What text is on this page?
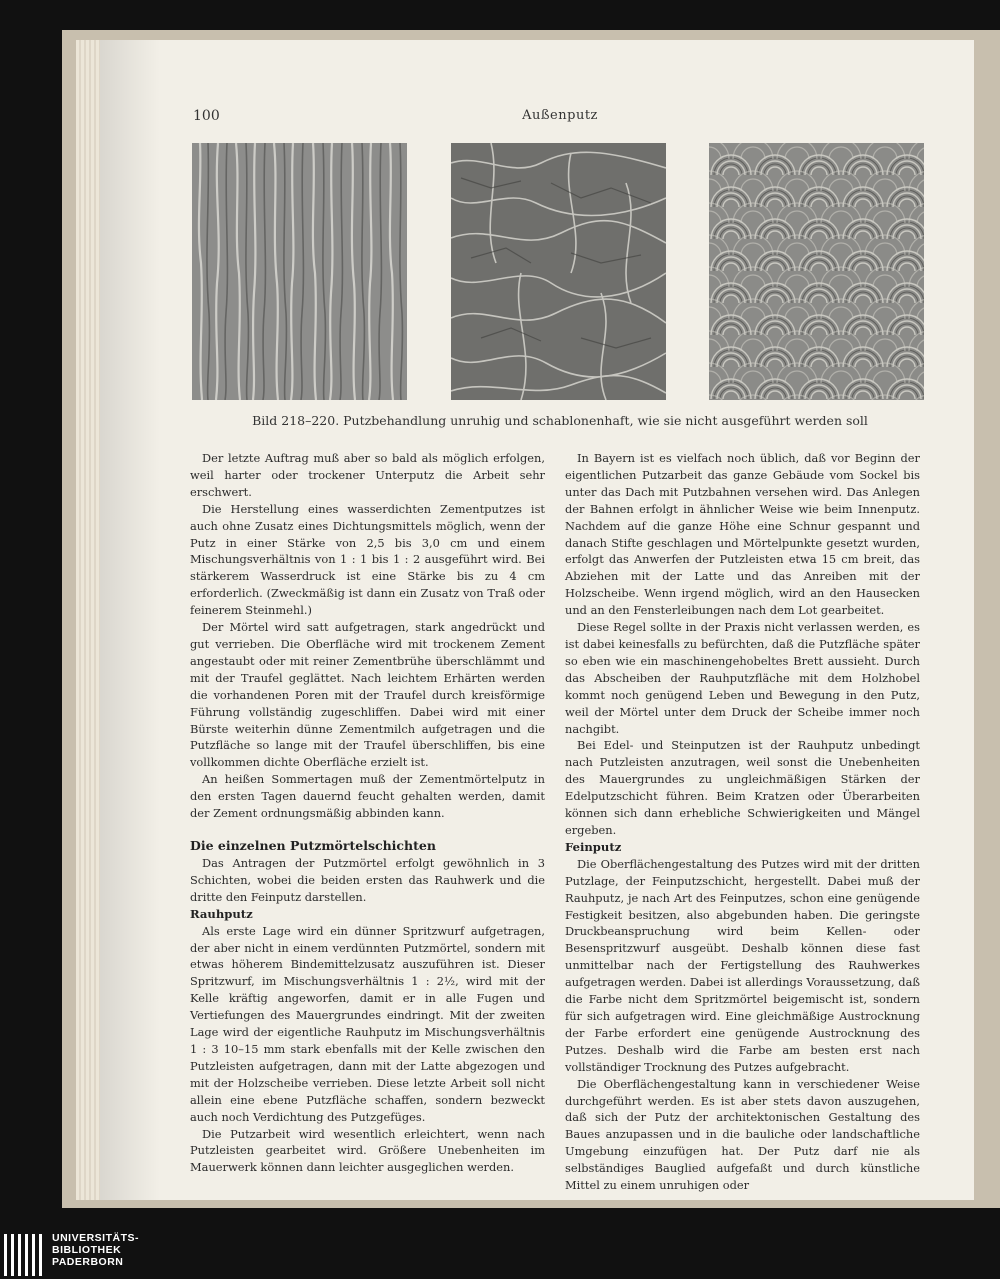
100	Außenputz
Bild 218–220. Putzbehandlung unruhig und schablonenhaft, wie sie nicht ausgeführt werden soll

Der letzte Auftrag muß aber so bald als möglich erfolgen, weil harter oder trockener Unterputz die Arbeit sehr erschwert.

Die Herstellung eines wasserdichten Zementputzes ist auch ohne Zusatz eines Dichtungsmittels möglich, wenn der Putz in einer Stärke von 2,5 bis 3,0 cm und einem Mischungsverhältnis von 1 : 1 bis 1 : 2 ausgeführt wird. Bei stärkerem Wasserdruck ist eine Stärke bis zu 4 cm erforderlich. (Zweckmäßig ist dann ein Zusatz von Traß oder feinerem Steinmehl.)

Der Mörtel wird satt aufgetragen, stark angedrückt und gut verrieben. Die Oberfläche wird mit trockenem Zement angestaubt oder mit reiner Zementbrühe überschlämmt und mit der Traufel geglättet. Nach leichtem Erhärten werden die vorhandenen Poren mit der Traufel durch kreisförmige Führung vollständig zugeschliffen. Dabei wird mit einer Bürste weiterhin dünne Zementmilch aufgetragen und die Putzfläche so lange mit der Traufel überschliffen, bis eine vollkommen dichte Oberfläche erzielt ist.

An heißen Sommertagen muß der Zementmörtelputz in den ersten Tagen dauernd feucht gehalten werden, damit der Zement ordnungsmäßig abbinden kann.

Die einzelnen Putzmörtelschichten

Das Antragen der Putzmörtel erfolgt gewöhnlich in 3 Schichten, wobei die beiden ersten das Rauhwerk und die dritte den Feinputz darstellen.

Rauhputz

Als erste Lage wird ein dünner Spritzwurf aufgetragen, der aber nicht in einem verdünnten Putzmörtel, sondern mit etwas höherem Bindemittelzusatz auszuführen ist. Dieser Spritzwurf, im Mischungsverhältnis 1 : 2½, wird mit der Kelle kräftig angeworfen, damit er in alle Fugen und Vertiefungen des Mauergrundes eindringt. Mit der zweiten Lage wird der eigentliche Rauhputz im Mischungsverhältnis 1 : 3 10–15 mm stark ebenfalls mit der Kelle zwischen den Putzleisten aufgetragen, dann mit der Latte abgezogen und mit der Holzscheibe verrieben. Diese letzte Arbeit soll nicht allein eine ebene Putzfläche schaffen, sondern bezweckt auch noch Verdichtung des Putzgefüges.

Die Putzarbeit wird wesentlich erleichtert, wenn nach Putzleisten gearbeitet wird. Größere Unebenheiten im Mauerwerk können dann leichter ausgeglichen werden.

In Bayern ist es vielfach noch üblich, daß vor Beginn der eigentlichen Putzarbeit das ganze Gebäude vom Sockel bis unter das Dach mit Putzbahnen versehen wird. Das Anlegen der Bahnen erfolgt in ähnlicher Weise wie beim Innenputz. Nachdem auf die ganze Höhe eine Schnur gespannt und danach Stifte geschlagen und Mörtelpunkte gesetzt wurden, erfolgt das Anwerfen der Putzleisten etwa 15 cm breit, das Abziehen mit der Latte und das Anreiben mit der Holzscheibe. Wenn irgend möglich, wird an den Hausecken und an den Fensterleibungen nach dem Lot gearbeitet.

Diese Regel sollte in der Praxis nicht verlassen werden, es ist dabei keinesfalls zu befürchten, daß die Putzfläche später so eben wie ein maschinengehobeltes Brett aussieht. Durch das Abscheiben der Rauhputzfläche mit dem Holzhobel kommt noch genügend Leben und Bewegung in den Putz, weil der Mörtel unter dem Druck der Scheibe immer noch nachgibt.

Bei Edel- und Steinputzen ist der Rauhputz unbedingt nach Putzleisten anzutragen, weil sonst die Unebenheiten des Mauergrundes zu ungleichmäßigen Stärken der Edelputzschicht führen. Beim Kratzen oder Überarbeiten können sich dann erhebliche Schwierigkeiten und Mängel ergeben.

Feinputz

Die Oberflächengestaltung des Putzes wird mit der dritten Putzlage, der Feinputzschicht, hergestellt. Dabei muß der Rauhputz, je nach Art des Feinputzes, schon eine genügende Festigkeit besitzen, also abgebunden haben. Die geringste Druckbeanspruchung wird beim Kellen- oder Besenspritzwurf ausgeübt. Deshalb können diese fast unmittelbar nach der Fertigstellung des Rauhwerkes aufgetragen werden. Dabei ist allerdings Voraussetzung, daß die Farbe nicht dem Spritzmörtel beigemischt ist, sondern für sich aufgetragen wird. Eine gleichmäßige Austrocknung der Farbe erfordert eine genügende Austrocknung des Putzes. Deshalb wird die Farbe am besten erst nach vollständiger Trocknung des Putzes aufgebracht.

Die Oberflächengestaltung kann in verschiedener Weise durchgeführt werden. Es ist aber stets davon auszugehen, daß sich der Putz der architektonischen Gestaltung des Baues anzupassen und in die bauliche oder landschaftliche Umgebung einzufügen hat. Der Putz darf nie als selbständiges Bauglied aufgefaßt und durch künstliche Mittel zu einem unruhigen oder

UNIVERSITÄTS-
BIBLIOTHEK
PADERBORN
